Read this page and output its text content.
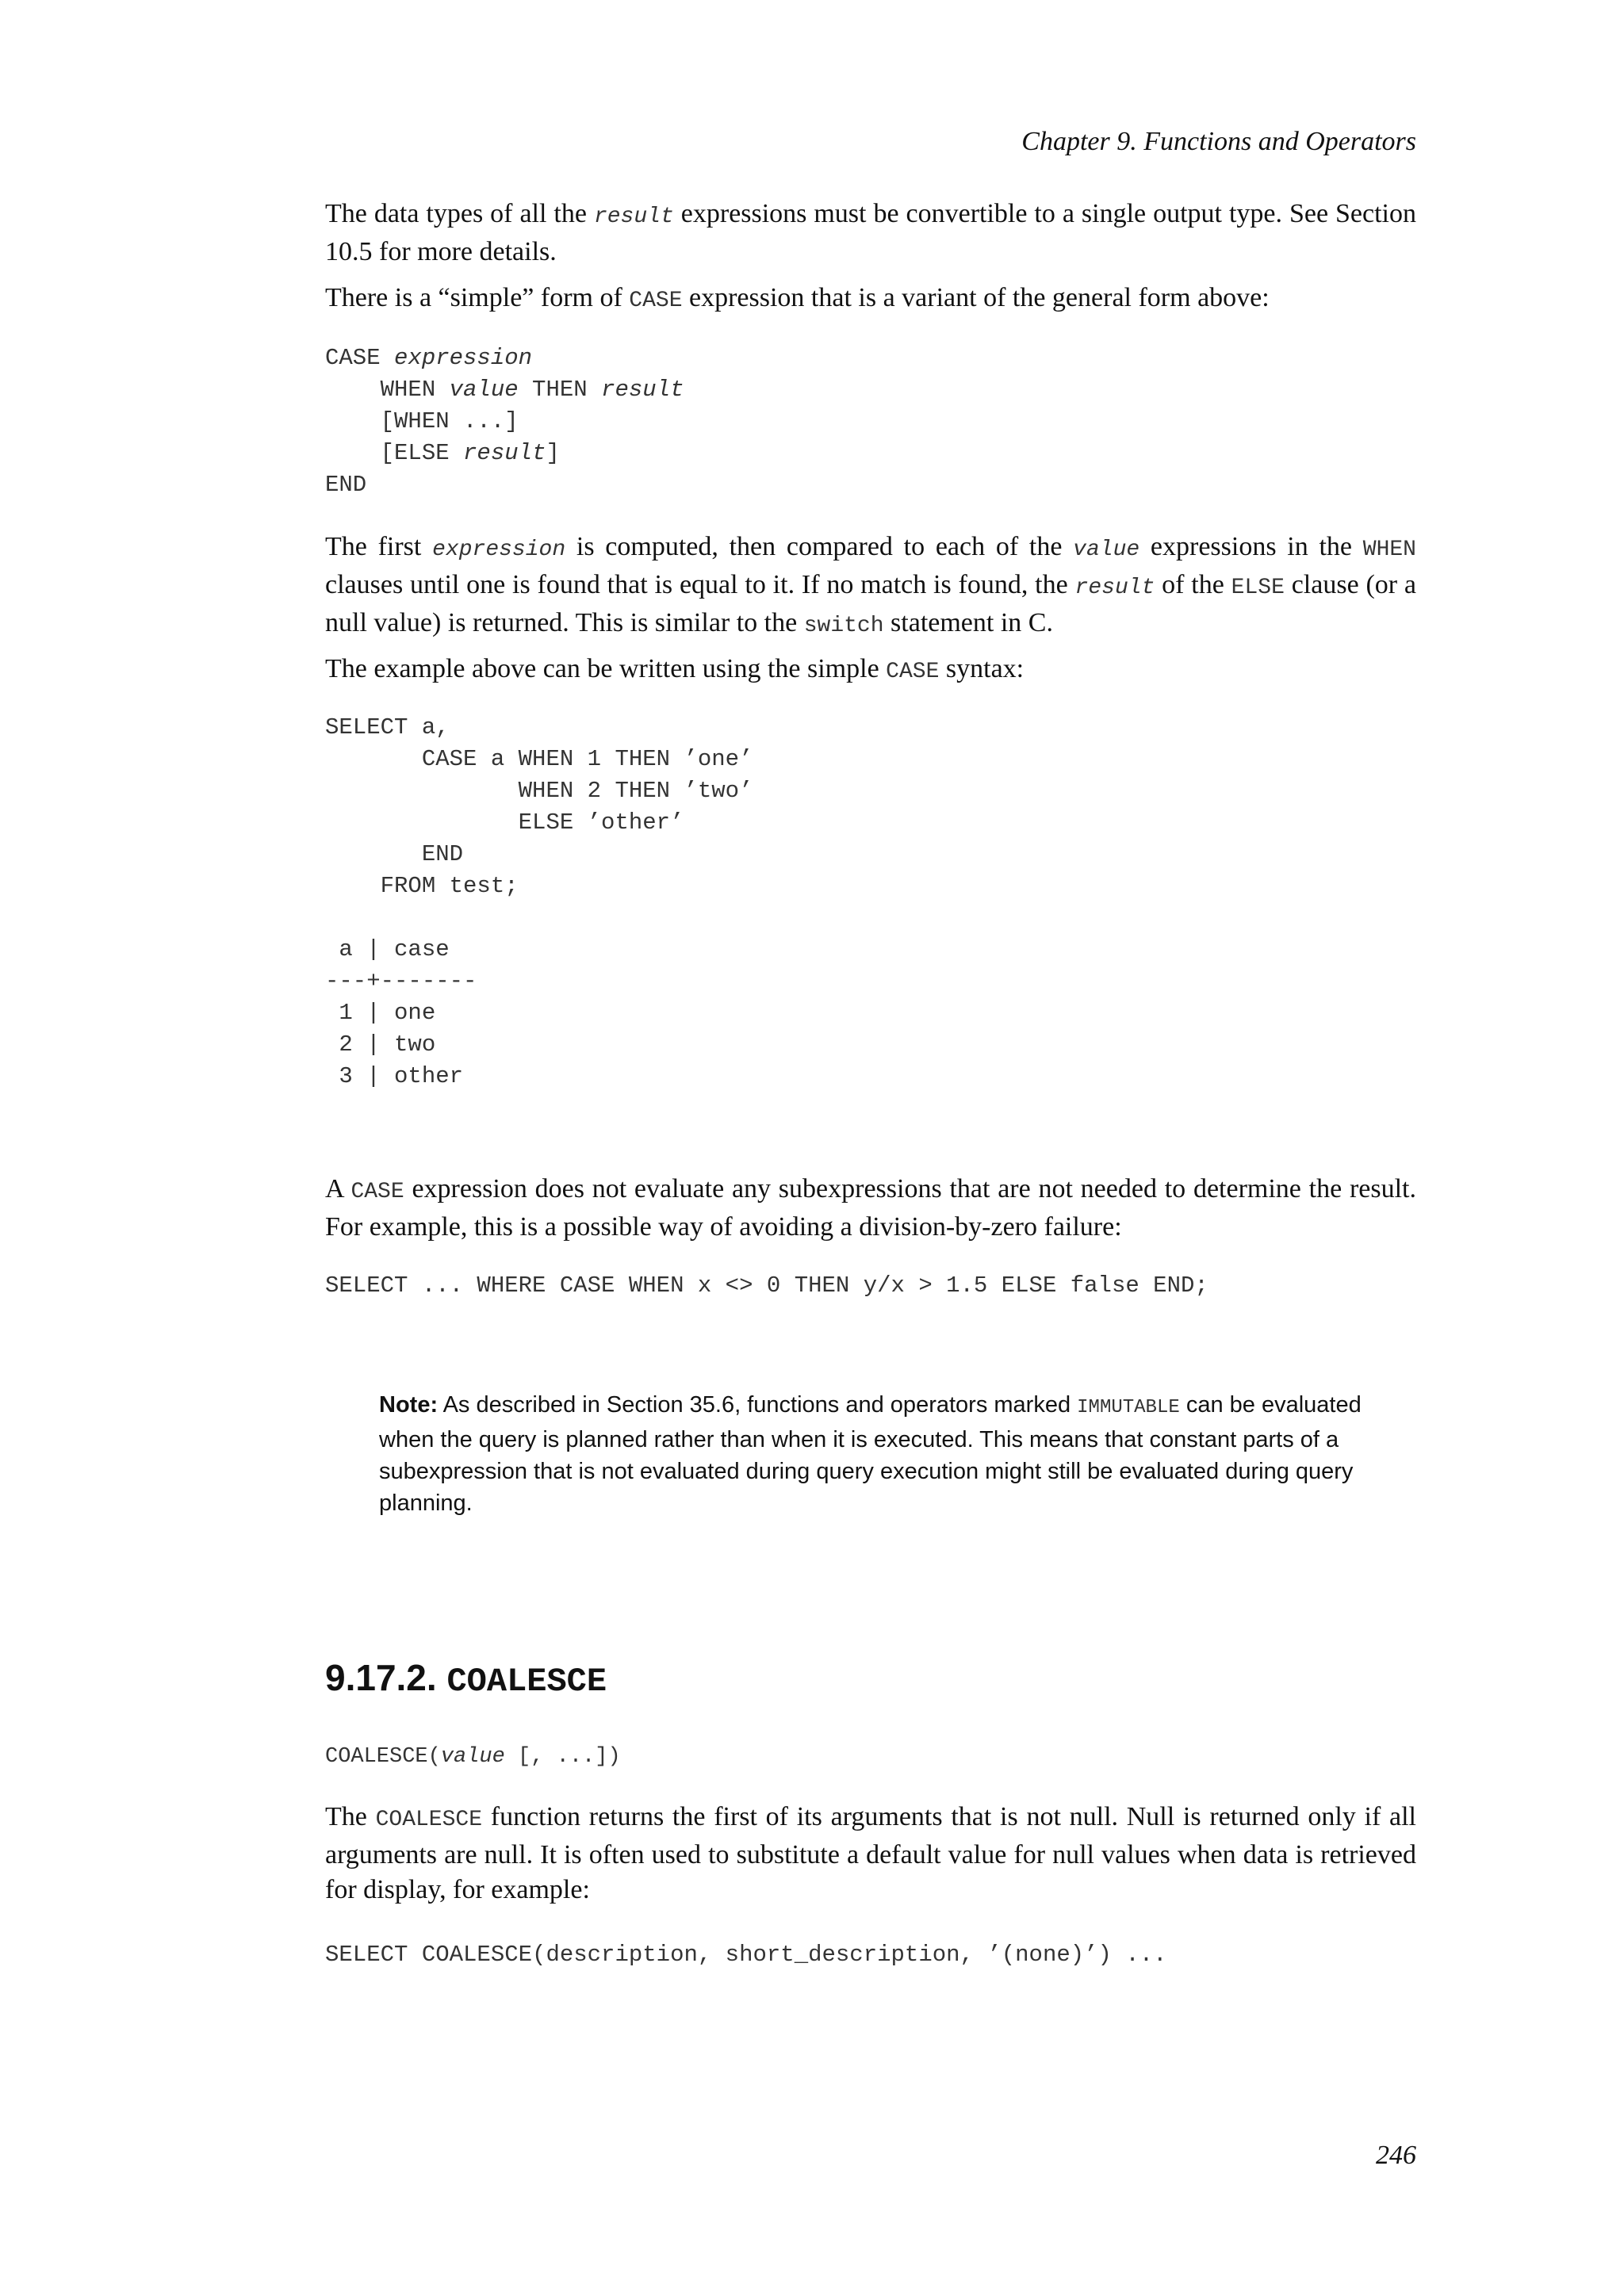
Chapter 9. Functions and Operators

The data types of all the result expressions must be convertible to a single output type. See Section 10.5 for more details.

There is a “simple” form of CASE expression that is a variant of the general form above:

CASE expression
WHEN value THEN result
[WHEN ...]
[ELSE result]
END

The first expression is computed, then compared to each of the value expressions in the WHEN clauses until one is found that is equal to it. If no match is found, the result of the ELSE clause (or a null value) is returned. This is similar to the switch statement in C.

The example above can be written using the simple CASE syntax:

SELECT a,
CASE a WHEN 1 THEN ’one’
WHEN 2 THEN ’two’
ELSE ’other’
END
FROM test;

a | case
---+-------
1 | one
2 | two
3 | other

A CASE expression does not evaluate any subexpressions that are not needed to determine the result. For example, this is a possible way of avoiding a division-by-zero failure:

SELECT ... WHERE CASE WHEN x <> 0 THEN y/x > 1.5 ELSE false END;
Note: As described in Section 35.6, functions and operators marked IMMUTABLE can be evaluated when the query is planned rather than when it is executed. This means that constant parts of a subexpression that is not evaluated during query execution might still be evaluated during query planning.
9.17.2. COALESCE
COALESCE(value [, ...])

The COALESCE function returns the first of its arguments that is not null. Null is returned only if all arguments are null. It is often used to substitute a default value for null values when data is retrieved for display, for example:

SELECT COALESCE(description, short_description, ’(none)’) ...
246
